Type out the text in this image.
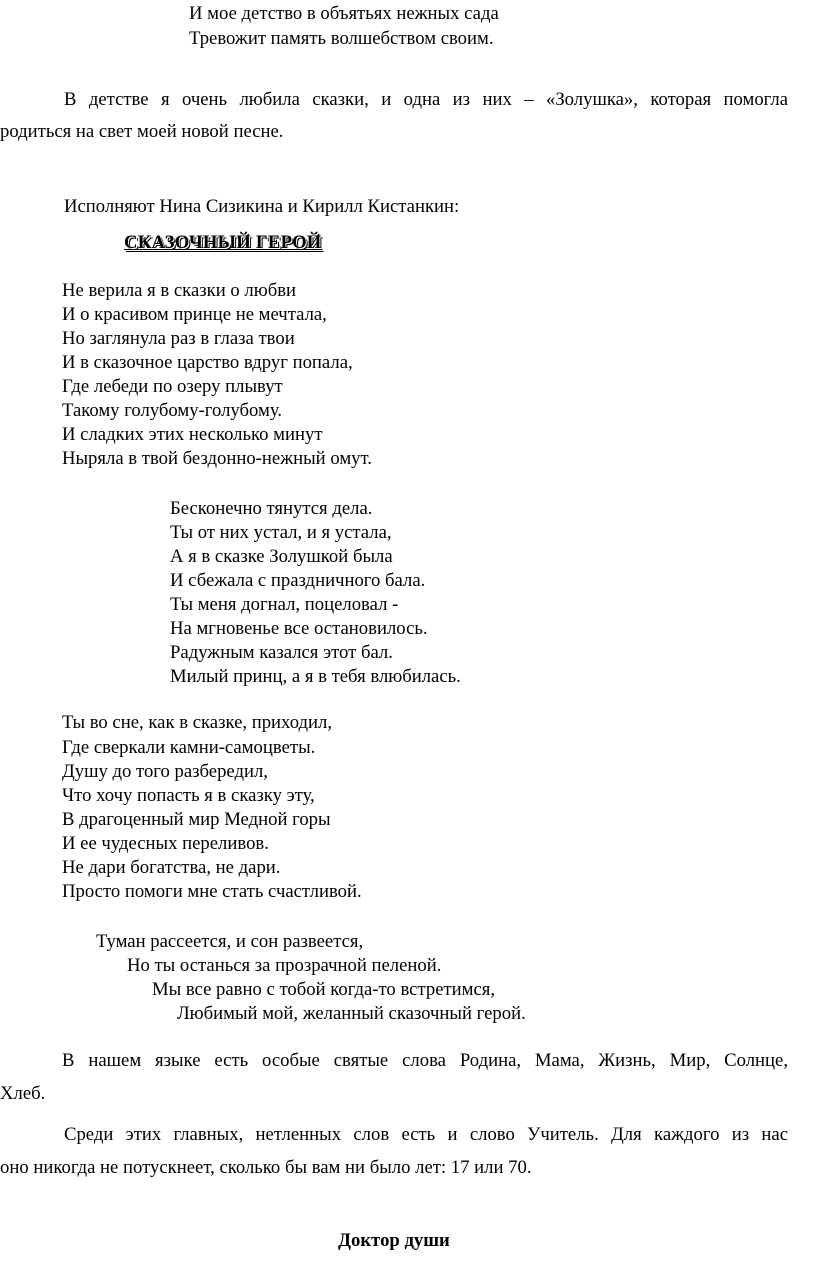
И мое детство в объятьях нежных сада
Тревожит память волшебством своим.
В детстве я очень любила сказки, и одна из них – «Золушка», которая помогла
родиться на свет моей новой песне.
Исполняют Нина Сизикина и Кирилл Кистанкин:
СКАЗОЧНЫЙ ГЕРОЙ
Не верила я в сказки о любви
И о красивом принце не мечтала,
Но заглянула раз в глаза твои
И в сказочное царство вдруг попала,
Где лебеди по озеру плывут
Такому голубому-голубому.
И сладких этих несколько минут
Ныряла в твой бездонно-нежный омут.
Бесконечно тянутся дела.
Ты от них устал, и я устала,
А я в сказке Золушкой была
И сбежала с праздничного бала.
Ты меня догнал, поцеловал -
На мгновенье все остановилось.
Радужным казался этот бал.
Милый принц, а я в тебя влюбилась.
Ты во сне, как в сказке, приходил,
Где сверкали камни-самоцветы.
Душу до того разбередил,
Что хочу попасть я в сказку эту,
В драгоценный мир Медной горы
И ее чудесных переливов.
Не дари богатства, не дари.
Просто помоги мне стать счастливой.
Туман рассеется, и сон развеется,
Но ты останься за прозрачной пеленой.
Мы все равно с тобой когда-то встретимся,
Любимый мой, желанный сказочный герой.
В нашем языке есть особые святые слова Родина, Мама, Жизнь, Мир, Солнце,
Хлеб.
Среди этих главных, нетленных слов есть и слово Учитель. Для каждого из нас
оно никогда не потускнеет, сколько бы вам ни было лет: 17 или 70.
Доктор души
